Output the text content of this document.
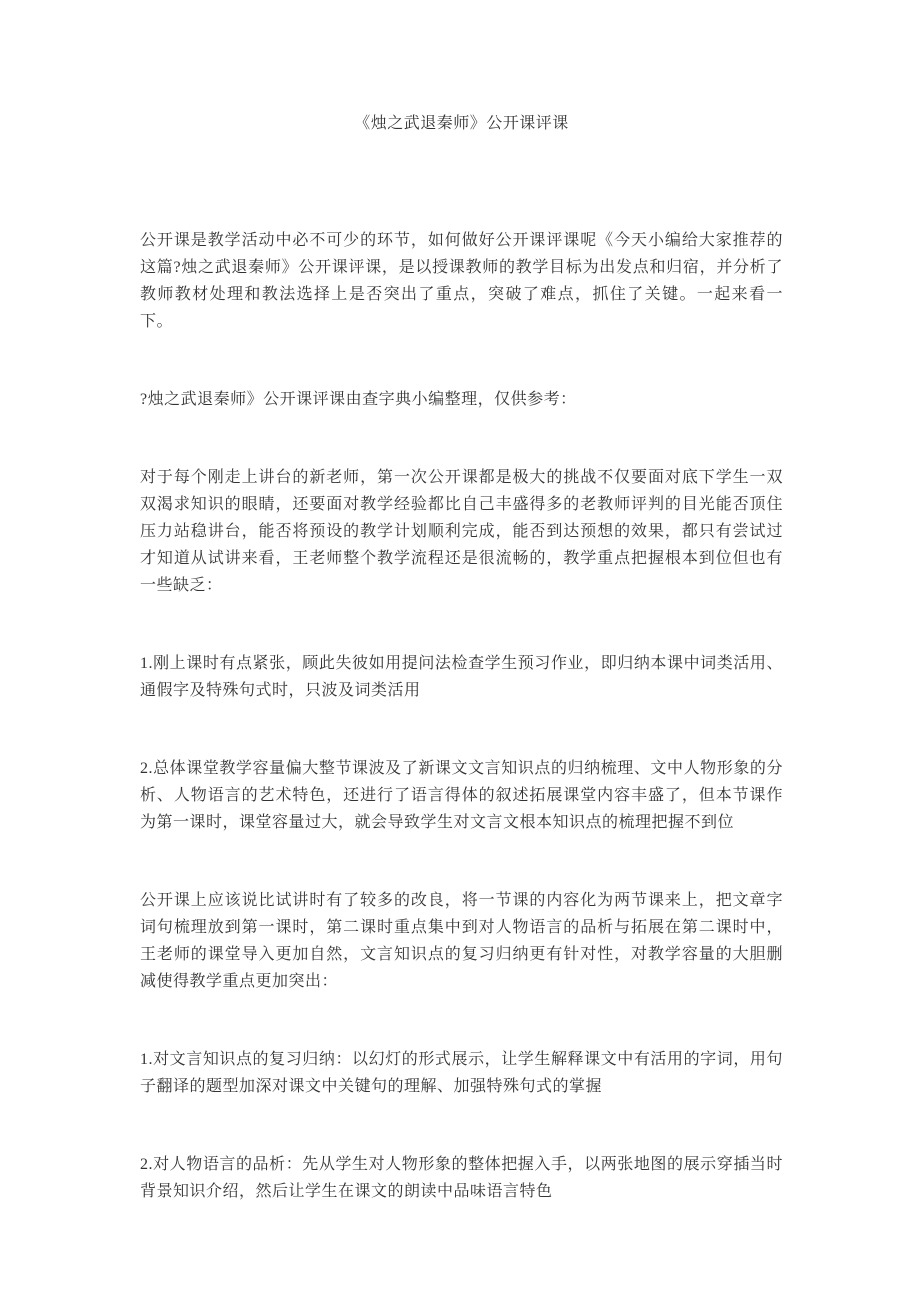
《烛之武退秦师》公开课评课

公开课是教学活动中必不可少的环节，如何做好公开课评课呢《今天小编给大家推荐的这篇?烛之武退秦师》公开课评课，是以授课教师的教学目标为出发点和归宿，并分析了教师教材处理和教法选择上是否突出了重点，突破了难点，抓住了关键。一起来看一下。

?烛之武退秦师》公开课评课由查字典小编整理，仅供参考：

对于每个刚走上讲台的新老师，第一次公开课都是极大的挑战不仅要面对底下学生一双双渴求知识的眼睛，还要面对教学经验都比自己丰盛得多的老教师评判的目光能否顶住压力站稳讲台，能否将预设的教学计划顺利完成，能否到达预想的效果，都只有尝试过才知道从试讲来看，王老师整个教学流程还是很流畅的，教学重点把握根本到位但也有一些缺乏：

1.刚上课时有点紧张，顾此失彼如用提问法检查学生预习作业，即归纳本课中词类活用、通假字及特殊句式时，只波及词类活用

2.总体课堂教学容量偏大整节课波及了新课文文言知识点的归纳梳理、文中人物形象的分析、人物语言的艺术特色，还进行了语言得体的叙述拓展课堂内容丰盛了，但本节课作为第一课时，课堂容量过大，就会导致学生对文言文根本知识点的梳理把握不到位

公开课上应该说比试讲时有了较多的改良，将一节课的内容化为两节课来上，把文章字词句梳理放到第一课时，第二课时重点集中到对人物语言的品析与拓展在第二课时中，王老师的课堂导入更加自然，文言知识点的复习归纳更有针对性，对教学容量的大胆删减使得教学重点更加突出：

1.对文言知识点的复习归纳：以幻灯的形式展示，让学生解释课文中有活用的字词，用句子翻译的题型加深对课文中关键句的理解、加强特殊句式的掌握

2.对人物语言的品析：先从学生对人物形象的整体把握入手，以两张地图的展示穿插当时背景知识介绍，然后让学生在课文的朗读中品味语言特色
